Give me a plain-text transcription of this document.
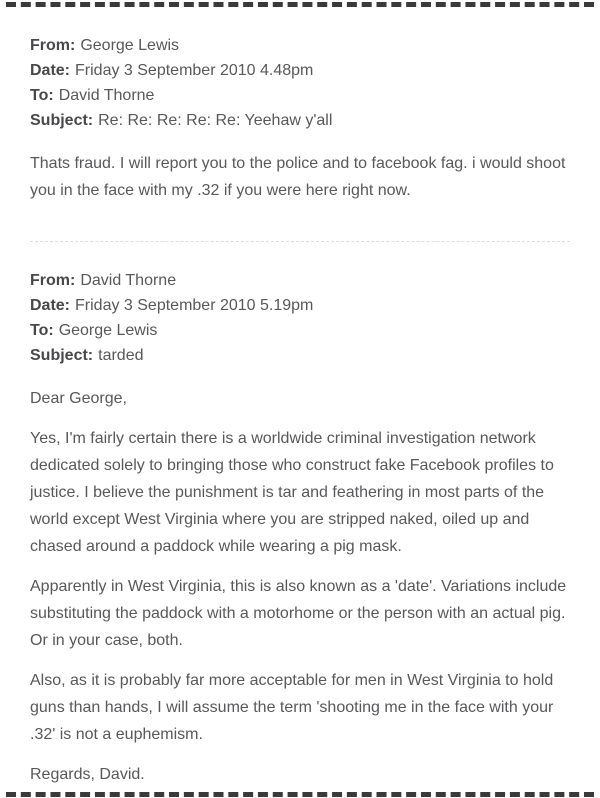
From: George Lewis

Date: Friday 3 September 2010 4.48pm

To: David Thorne

Subject: Re: Re: Re: Re: Re: Yeehaw y'all

Thats fraud. I will report you to the police and to facebook fag. i would shoot you in the face with my .32 if you were here right now.

From: David Thorne

Date: Friday 3 September 2010 5.19pm

To: George Lewis

Subject: tarded

Dear George,

Yes, I'm fairly certain there is a worldwide criminal investigation network dedicated solely to bringing those who construct fake Facebook profiles to justice. I believe the punishment is tar and feathering in most parts of the world except West Virginia where you are stripped naked, oiled up and chased around a paddock while wearing a pig mask.

Apparently in West Virginia, this is also known as a 'date'. Variations include substituting the paddock with a motorhome or the person with an actual pig. Or in your case, both.

Also, as it is probably far more acceptable for men in West Virginia to hold guns than hands, I will assume the term 'shooting me in the face with your .32' is not a euphemism.

Regards, David.
